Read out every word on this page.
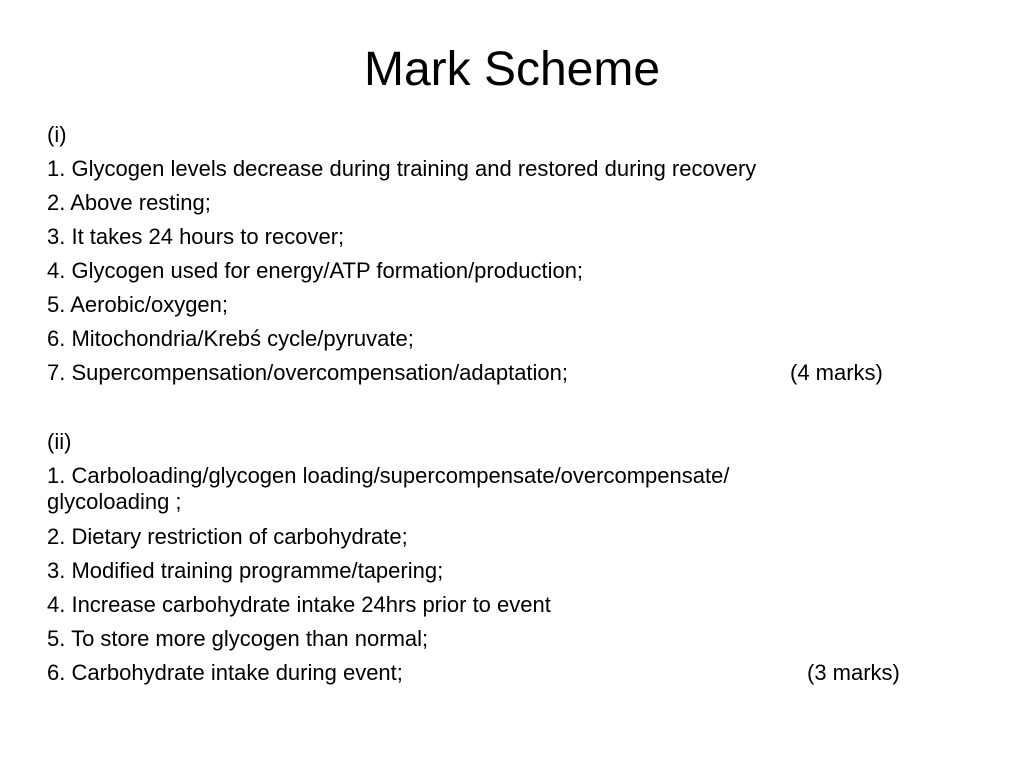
Mark Scheme
(i)
1. Glycogen levels decrease during training and restored during recovery
2. Above resting;
3. It takes 24 hours to recover;
4. Glycogen used for energy/ATP formation/production;
5. Aerobic/oxygen;
6. Mitochondria/Krebś cycle/pyruvate;
7. Supercompensation/overcompensation/adaptation;	(4 marks)
(ii)
1. Carboloading/glycogen loading/supercompensate/overcompensate/
glycoloading ;
2. Dietary restriction of carbohydrate;
3. Modified training programme/tapering;
4. Increase carbohydrate intake 24hrs prior to event
5. To store more glycogen than normal;
6. Carbohydrate intake during event;	(3 marks)
